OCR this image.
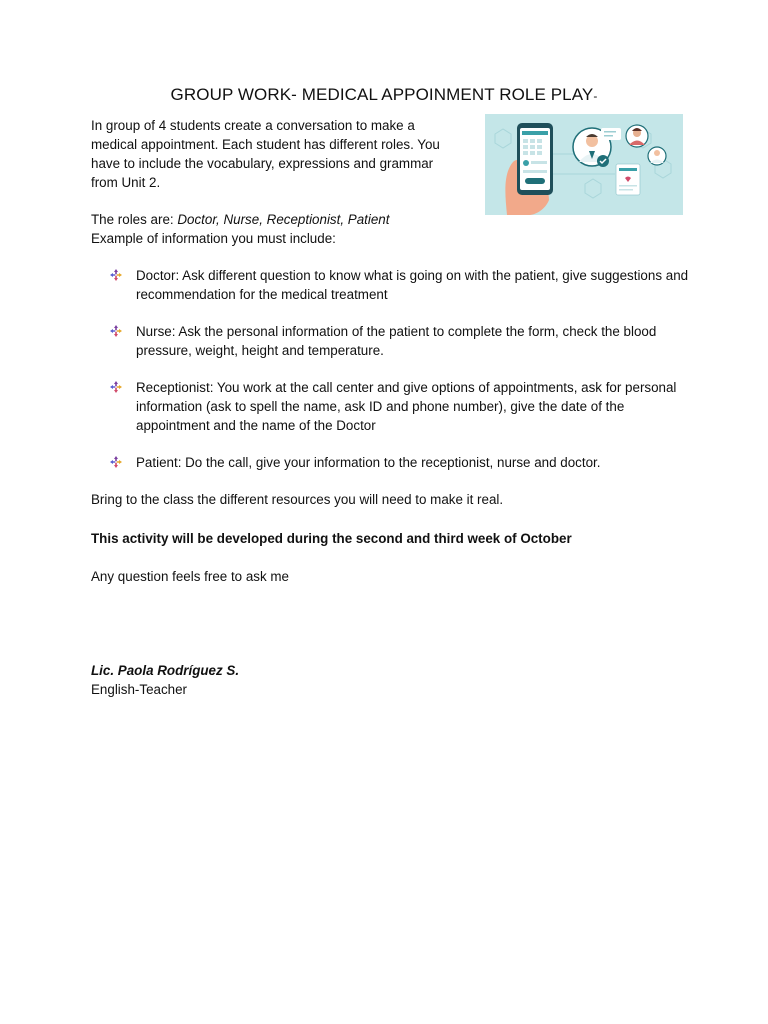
GROUP WORK- MEDICAL APPOINMENT ROLE PLAY-

In group of 4 students create a conversation to make a medical appointment. Each student has different roles. You have to include the vocabulary, expressions and grammar from Unit 2.

The roles are: Doctor, Nurse, Receptionist, Patient

Example of information you must include:

Doctor: Ask different question to know what is going on with the patient, give suggestions and recommendation for the medical treatment
Nurse: Ask the personal information of the patient to complete the form, check the blood pressure, weight, height and temperature.
Receptionist: You work at the call center and give options of appointments, ask for personal information (ask to spell the name, ask ID and phone number), give the date of the appointment and the name of the Doctor
Patient: Do the call, give your information to the receptionist, nurse and doctor.

Bring to the class the different resources you will need to make it real.

This activity will be developed during the second and third week of October

Any question feels free to ask me

Lic. Paola Rodríguez S.

English-Teacher
